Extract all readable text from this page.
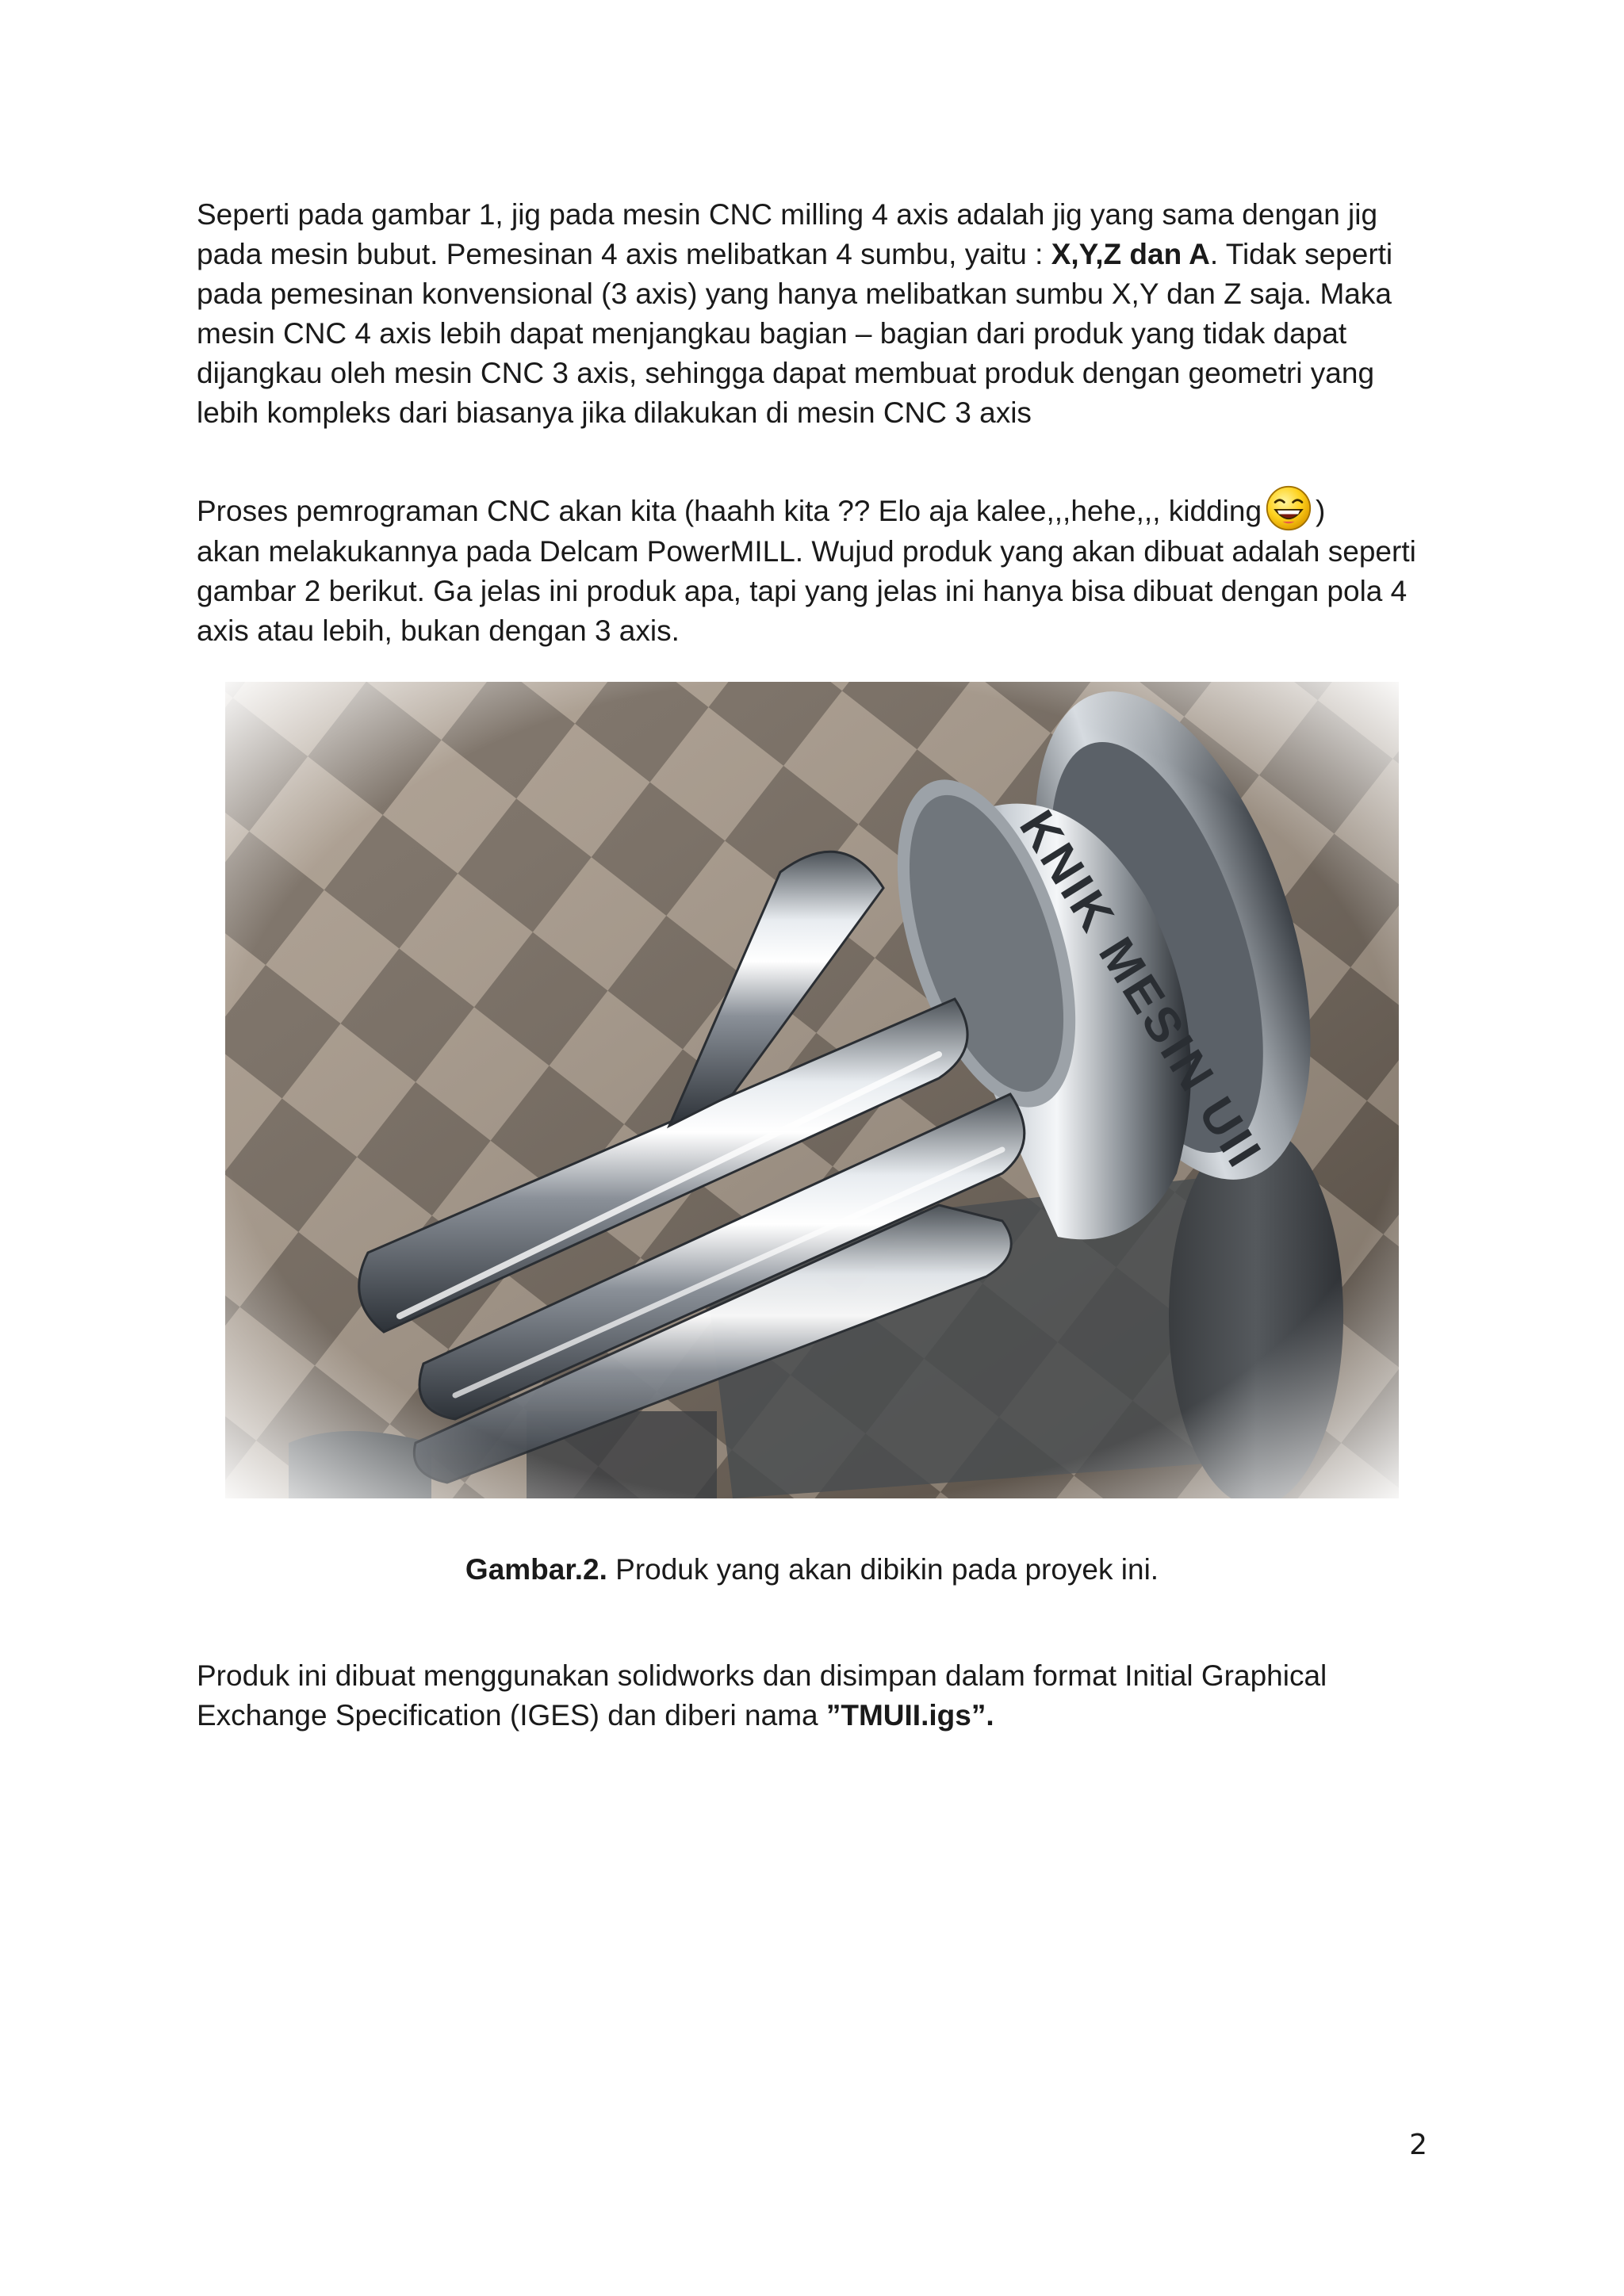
Seperti pada gambar 1, jig pada mesin CNC milling 4 axis adalah jig yang sama dengan jig pada mesin bubut. Pemesinan 4 axis melibatkan 4 sumbu, yaitu : X,Y,Z dan A. Tidak seperti pada pemesinan konvensional (3 axis) yang hanya melibatkan sumbu X,Y dan Z saja. Maka mesin CNC 4 axis lebih dapat menjangkau bagian – bagian dari produk yang tidak dapat dijangkau oleh mesin CNC 3 axis, sehingga dapat membuat produk dengan geometri yang lebih kompleks dari biasanya jika dilakukan di mesin CNC 3 axis

Proses pemrograman CNC akan kita (haahh kita ?? Elo aja kalee,,,hehe,,, kidding )
akan melakukannya pada Delcam PowerMILL. Wujud produk yang akan dibuat adalah seperti gambar 2 berikut. Ga jelas ini produk apa, tapi yang jelas ini hanya bisa dibuat dengan pola 4 axis atau lebih, bukan dengan 3 axis.

Gambar.2. Produk yang akan dibikin pada proyek ini.

Produk ini dibuat menggunakan solidworks dan disimpan dalam format Initial Graphical Exchange Specification (IGES) dan diberi nama ”TMUII.igs”.

2
